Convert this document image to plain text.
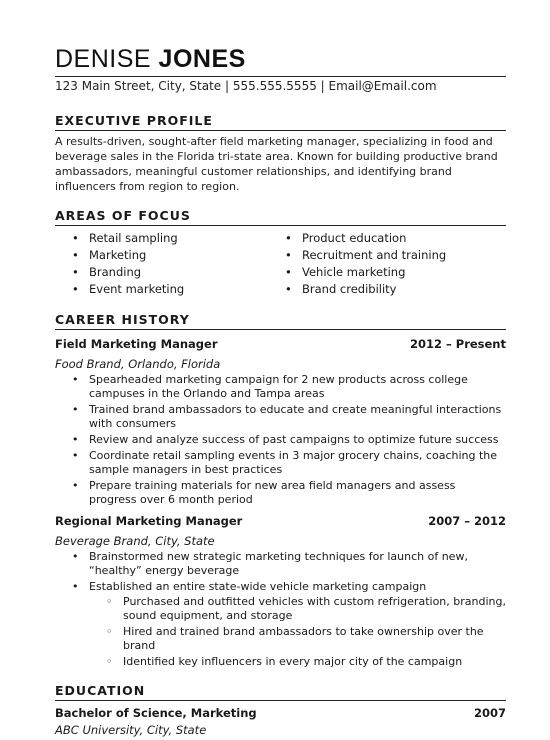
DENISE JONES
123 Main Street, City, State | 555.555.5555 | Email@Email.com
EXECUTIVE PROFILE
A results-driven, sought-after field marketing manager, specializing in food and beverage sales in the Florida tri-state area. Known for building productive brand ambassadors, meaningful customer relationships, and identifying brand influencers from region to region.
AREAS OF FOCUS
• Retail sampling
• Marketing
• Branding
• Event marketing
• Product education
• Recruitment and training
• Vehicle marketing
• Brand credibility
CAREER HISTORY
Field Marketing Manager	2012 – Present
Food Brand, Orlando, Florida
• Spearheaded marketing campaign for 2 new products across college campuses in the Orlando and Tampa areas
• Trained brand ambassadors to educate and create meaningful interactions with consumers
• Review and analyze success of past campaigns to optimize future success
• Coordinate retail sampling events in 3 major grocery chains, coaching the sample managers in best practices
• Prepare training materials for new area field managers and assess progress over 6 month period
Regional Marketing Manager	2007 – 2012
Beverage Brand, City, State
• Brainstormed new strategic marketing techniques for launch of new, “healthy” energy beverage
• Established an entire state-wide vehicle marketing campaign
◦ Purchased and outfitted vehicles with custom refrigeration, branding, sound equipment, and storage
◦ Hired and trained brand ambassadors to take ownership over the brand
◦ Identified key influencers in every major city of the campaign
EDUCATION
Bachelor of Science, Marketing	2007
ABC University, City, State
